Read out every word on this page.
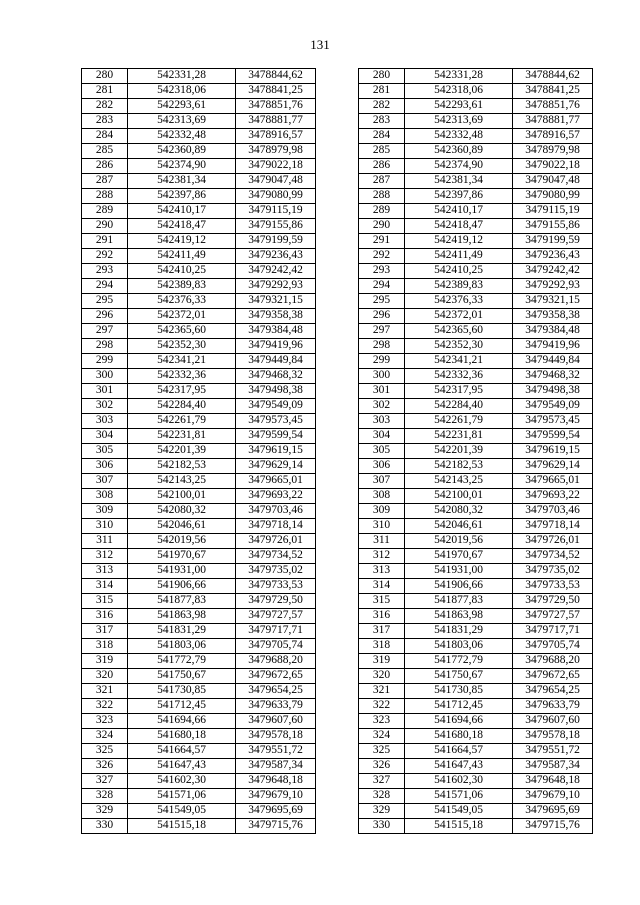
131
280	542331,28	3478844,62
281	542318,06	3478841,25
282	542293,61	3478851,76
283	542313,69	3478881,77
284	542332,48	3478916,57
285	542360,89	3478979,98
286	542374,90	3479022,18
287	542381,34	3479047,48
288	542397,86	3479080,99
289	542410,17	3479115,19
290	542418,47	3479155,86
291	542419,12	3479199,59
292	542411,49	3479236,43
293	542410,25	3479242,42
294	542389,83	3479292,93
295	542376,33	3479321,15
296	542372,01	3479358,38
297	542365,60	3479384,48
298	542352,30	3479419,96
299	542341,21	3479449,84
300	542332,36	3479468,32
301	542317,95	3479498,38
302	542284,40	3479549,09
303	542261,79	3479573,45
304	542231,81	3479599,54
305	542201,39	3479619,15
306	542182,53	3479629,14
307	542143,25	3479665,01
308	542100,01	3479693,22
309	542080,32	3479703,46
310	542046,61	3479718,14
311	542019,56	3479726,01
312	541970,67	3479734,52
313	541931,00	3479735,02
314	541906,66	3479733,53
315	541877,83	3479729,50
316	541863,98	3479727,57
317	541831,29	3479717,71
318	541803,06	3479705,74
319	541772,79	3479688,20
320	541750,67	3479672,65
321	541730,85	3479654,25
322	541712,45	3479633,79
323	541694,66	3479607,60
324	541680,18	3479578,18
325	541664,57	3479551,72
326	541647,43	3479587,34
327	541602,30	3479648,18
328	541571,06	3479679,10
329	541549,05	3479695,69
330	541515,18	3479715,76
280	542331,28	3478844,62
281	542318,06	3478841,25
282	542293,61	3478851,76
283	542313,69	3478881,77
284	542332,48	3478916,57
285	542360,89	3478979,98
286	542374,90	3479022,18
287	542381,34	3479047,48
288	542397,86	3479080,99
289	542410,17	3479115,19
290	542418,47	3479155,86
291	542419,12	3479199,59
292	542411,49	3479236,43
293	542410,25	3479242,42
294	542389,83	3479292,93
295	542376,33	3479321,15
296	542372,01	3479358,38
297	542365,60	3479384,48
298	542352,30	3479419,96
299	542341,21	3479449,84
300	542332,36	3479468,32
301	542317,95	3479498,38
302	542284,40	3479549,09
303	542261,79	3479573,45
304	542231,81	3479599,54
305	542201,39	3479619,15
306	542182,53	3479629,14
307	542143,25	3479665,01
308	542100,01	3479693,22
309	542080,32	3479703,46
310	542046,61	3479718,14
311	542019,56	3479726,01
312	541970,67	3479734,52
313	541931,00	3479735,02
314	541906,66	3479733,53
315	541877,83	3479729,50
316	541863,98	3479727,57
317	541831,29	3479717,71
318	541803,06	3479705,74
319	541772,79	3479688,20
320	541750,67	3479672,65
321	541730,85	3479654,25
322	541712,45	3479633,79
323	541694,66	3479607,60
324	541680,18	3479578,18
325	541664,57	3479551,72
326	541647,43	3479587,34
327	541602,30	3479648,18
328	541571,06	3479679,10
329	541549,05	3479695,69
330	541515,18	3479715,76
